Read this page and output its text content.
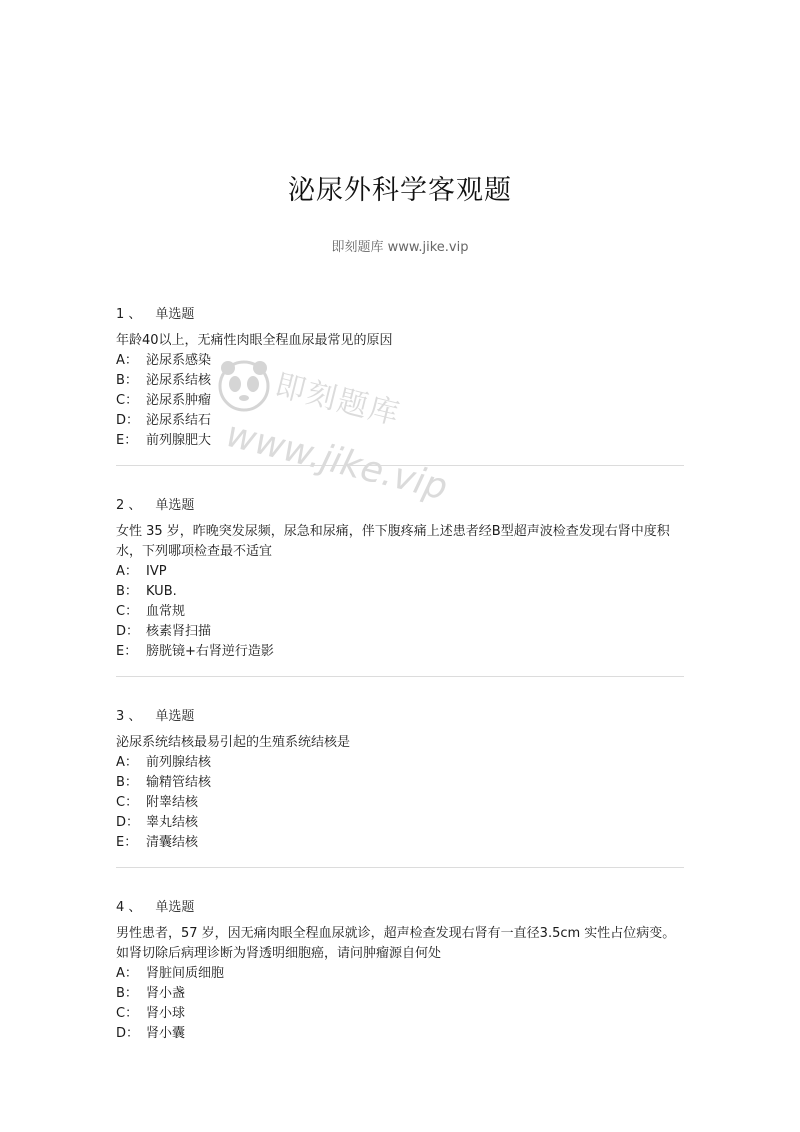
泌尿外科学客观题
即刻题库 www.jike.vip
即刻题库
www.jike.vip
1 、 单选题
年龄40以上，无痛性肉眼全程血尿最常见的原因
A： 泌尿系感染
B： 泌尿系结核
C： 泌尿系肿瘤
D： 泌尿系结石
E： 前列腺肥大
2 、 单选题
女性 35 岁，昨晚突发尿频，尿急和尿痛，伴下腹疼痛上述患者经B型超声波检查发现右肾中度积水，下列哪项检查最不适宜
A： IVP
B： KUB.
C： 血常规
D： 核素肾扫描
E： 膀胱镜+右肾逆行造影
3 、 单选题
泌尿系统结核最易引起的生殖系统结核是
A： 前列腺结核
B： 输精管结核
C： 附睾结核
D： 睾丸结核
E： 清囊结核
4 、 单选题
男性患者，57 岁，因无痛肉眼全程血尿就诊，超声检查发现右肾有一直径3.5cm 实性占位病变。如肾切除后病理诊断为肾透明细胞癌，请问肿瘤源自何处
A： 肾脏间质细胞
B： 肾小盏
C： 肾小球
D： 肾小囊
